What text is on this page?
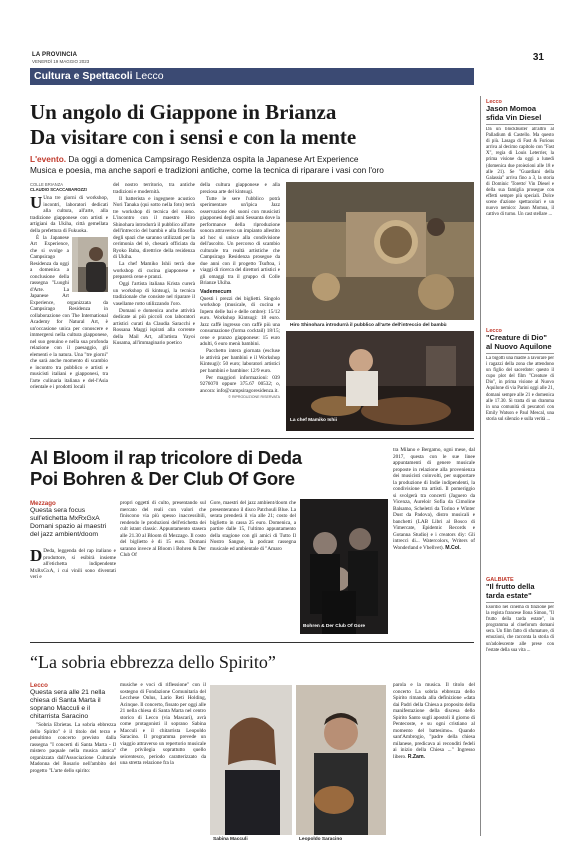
LA PROVINCIA
VENERDÌ 19 MAGGIO 2023	31
Cultura e Spettacoli Lecco
Un angolo di Giappone in Brianza
Da visitare con i sensi e con la mente
L'evento. Da oggi a domenica Campsirago Residenza ospita la Japanese Art Experience
Musica e poesia, ma anche sapori e tradizioni antiche, come la tecnica di riparare i vasi con l'oro
COLLE BRIANZA
CLAUDIO SCACCABAROZZI

U Una tre giorni di workshop, incontri, laboratori dedicati alla cultura, all'arte, alla tradizione giapponese con artisti e artigiani da Ukiha, città gemellata della prefettura di Fukuoka.

È la Japanese Art Experience, che si svolge a Campsirago Residenza da oggi a domenica a conclusione della rassegna "Luoghi d'Arte. La Japanese Art Experience, organizzata da Campsirago Residenza in collaborazione con The International Academy for Natural Art, è un'occasione unica per conoscere e immergersi nella cultura giapponese, nel suo genuino e nella sua profonda relazione con il paesaggio, gli elementi e la natura. Una "tre giorni" che sarà anche momento di scambio e incontro tra pubblico e artisti e musicisti italiani e giapponesi, tra l'arte culinaria italiana e del-l'Asia orientale e i prodotti locali

del nostro territorio, tra antiche tradizioni e modernità.

Il batterista e ingegnere acustico Nori Tanaka (qui sotto nella foto) terrà tre workshop di tecnica del suono. L'incontro con il maestro Hiro Shinohara introdurrà il pubblico all'arte dell'intreccio del bambù e alla filosofia degli spazi che saranno utilizzati per la cerimonia del tè, chesarà officiata da Ryoko Baba, direttrice della residenza di Ukiha.

La chef Mamiko Ishii terrà due workshop di cucina giapponese e preparerà cene e pranzi.

Oggi l'artista italiana Krista curerà un workshop di kintsugi, la tecnica tradizionale che consiste nel riparare il vasellame rotto utilizzando l'oro.

Domani e domenica anche attività dedicate ai più piccoli con laboratori artistici curati da Claudia Saracchi e Rossana Maggi ispirati alla corrente della Mail Art, all'artista Yayoi Kusama, all'immaginario poetico

della cultura giapponese e alla preziosa arte del kintsugi.

Tutte le sere l'ubblico potrà sperimentare un'ipica Jazz osservazione dei suoni con musicisti giapponesi degli anni Sessanta dove la performance della riproduzione sonora attraverso un impianto allestito ad hoc si unisce alla condivisione dell'ascolto. Un percorso di scambio culturale tra realtà artistiche che Campsirago Residenza prosegue da due anni con il progetto Tsuftoa, i viaggi di ricerca del direttori artistici e gli omaggi tra il gruppo di Colle Brianze Ukiha.

Vademecum

Questi i prezzi dei biglietti. Singolo workshop (musicale, di cucina e Inpem delle bai e delle ombre): 15/12 euro. Workshop Kintsugi: 18 euro. Jazz caffè ingresso con caffè più una consumazione (forma cocktail) 18/15; cene e pranzo giapponese: 15 euro adulti, 6 euro menù bambini.

Pacchetto intera giornata (escluse le attività per bambini e il Workshop Kintsugi): 50 euro; laboratori artistici per bambini e bambine: 12/9 euro.

Per maggiori informazioni: 039 9276070 oppure 375.67 00532; o, ancora: info@campsiragoresidenza.it.

© RIPRODUZIONE RISERVATA

Hiro Shinohara introdurrà il pubblico all'arte dell'intreccio del bambù
La chef Mamiko Ishii
Lecco
Jason Momoa sfida Vin Diesel
Da un blockbuster all'altro al Palladium di Castello. Ma questo di più. Lasaga di Fast & Furious arriva al decimo capitolo con "Fast X", regia di Louis Leterrier, la prima visione da oggi a lunedì (domenica due proiezioni alle 18 e alle 21). Se "Guardiani della Galassia" arriva fino a 3, la storia di Dominic 'Toretto' Vin Diesel e della sua famiglia prosegue con effetti sempre più speciali. Dolce scene d'azione spettacolari e un nuovo nemico: Jason Momoa, il cattivo di turno. Un cast stellare ...
Lecco
"Creature di Dio" al Nuovo Aquilone
La bigotti una madre a lavorare per i ragazzi della zona che attendono un figlio del sacerdote: questo il cupo plot del film "Creature di Dio", in prima visione al Nuovo Aquilone di via Parini oggi alle 21, domani sempre alle 21 e domenica alle 17.30. Si tratta di un dramma in una comunità di pescatori con Emily Watson e Paul Mescal, una storia sul silenzio e sulla verità ...
GALBIATE
"Il frutto della tarda estate"
Esordio nel cinema di finzione per la regista francese Ilona Simon, "Il frutto della tarda estate", in programma al cineforum domani sera. Un film fatto di sfumature, di emozioni, che racconta la storia di un'adolescente alle prese con l'estate della sua vita ...
Al Bloom il rap tricolore di Deda
Poi Bohren & Der Club Of Gore
Mezzago
Questa sera focus sull'etichetta MxRxGxA Domani spazio ai maestri del jazz ambient/doom

D Deda, leggenda del rap italiano e produttore, si esibirà insieme all'etichetta indipendente MxRxGxA, i cui vinili sono diventati veri e

propri oggetti di culto, presentando sul mercato del reali con valori che finiscono via più spesso inaccessibili, rendendo le produzioni dell'etichetta dei cult istant classic. Appuntamento stasera alle 21.30 al Bloom di Mezzago. Il costo del biglietto è di 15 euro. Domani saranno invece al Bloom i Bohren & Der Club Of

Gore, maestri del jazz ambient/doom che presenteranno il disco Patchouli Blue. La serata prenderà il via alle 21; costo del biglietto in cassa 25 euro. Domenica, a partire dalle 15, l'ultimo appuntamento della stagione con gli amici di Tutto Il Nostro Sangue, la podcast rassegna musicale ed ambientale di "Amaro

Bohren & Der Club Of Gore

tra Milano e Bergamo, ogni mese, dal 2017, questa con le sue linee appuntamenti di genere musicale proposte in relazione alla provenienza dei musicisti coinvolti, per supportare la produzione di Indie indipendenti, la condivisione tra artisti. Il pomeriggio si svolgerà tra concerti (Jaguero da Vicenza, Aureloir Sofia da Cimoline Balsamo, Scheletri da Torino e Winter Dust da Padova), distro musicali e banchetti (LAB Libri al Bosco di Vimercate, Epidemic Records e Gotanna Studio) e i creators diy: Gli intrecci di... Watercolors, Writers of Wonderland e Vbellvet). M.Col.

“La sobria ebbrezza dello Spirito”
Lecco
Questa sera alle 21 nella chiesa di Santa Marta il soprano Macculi e il chitarrista Saracino

"Sobria Ebrietas. La sobria ebbrezza dello Spirito" è il titolo del terzo e penultimo concerto previsto dalla rassegna "I concerti di Santa Marta - Il mistero paquale nella musica antica" organizzata dall'Associazione Culturale Madonna del Rosario nell'ambito del progetto "L'arte dello spirito:

musiche e voci di riflessione" con il sostegno di Fondazione Comunitaria del Lecchese Onlus, Lario Reti Holding, Acinque. Il concerto, fissato per oggi alle 21 nella chiesa di Santa Marta nel centro storico di Lecco (via Mascari), avrà come protagonisti il soprano Sabina Macculi e il chitarrista Leopoldo Saracino. Il programma prevede un viaggio attraverso un repertorio musicale che privilegia soprattutto quello seicentesco, periodo caratterizzato da una stretta relazione fra la

Sabina Macculi	Leopoldo Saracino

parola e la musica. Il titolo del concerto La sobria ebbrezza dello Spirito rimanda alla definizione «data dai Padri della Chiesa a proposito della manifestazione della discesa dello Spirito Santo sugli apostoli il giorno di Pentecoste, e su ogni cristiano al momento del battesimo». Quando sant'Ambrogio, "padre della chiesa milanese, predicava ai reconditi fedeli ai inizio della Chiesa ..." Ingresso libero. R.Zam.
